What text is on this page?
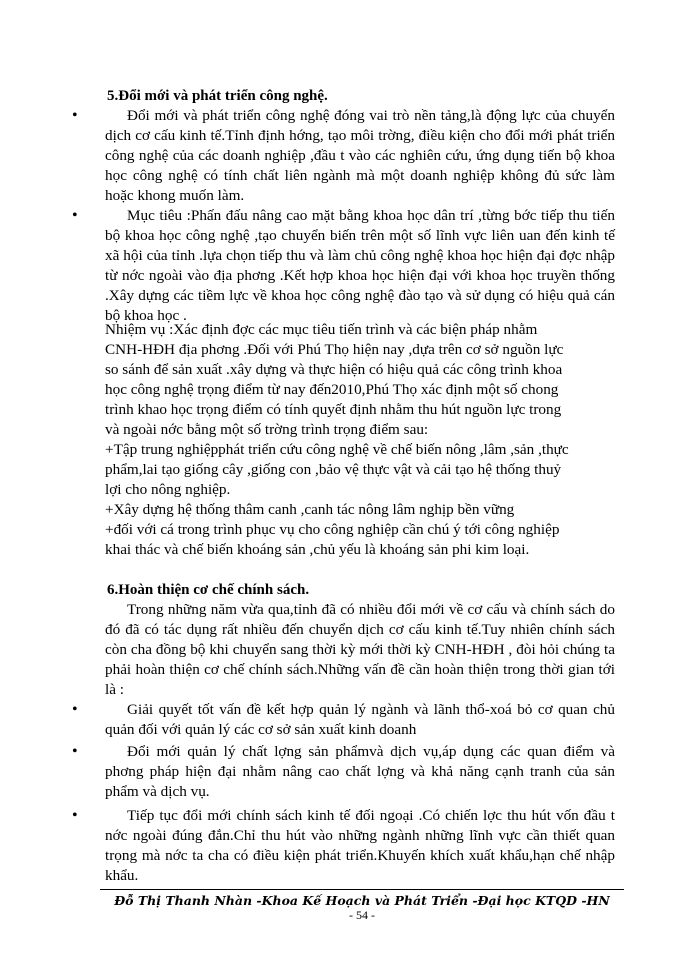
5.Đổi mới và phát triển công nghệ.
•	Đổi mới và phát triển công nghệ đóng vai trò nền tảng,là động lực của chuyển dịch cơ cấu kinh tế.Tỉnh định hớng, tạo môi trờng, điều kiện cho đổi mới phát triển công nghệ của các doanh nghiệp ,đầu t vào các nghiên cứu, ứng dụng tiến bộ khoa học công nghệ có tính chất liên ngành mà một doanh nghiệp không đủ sức làm hoặc khong muốn làm.
•	Mục tiêu :Phấn đấu nâng cao mặt bằng khoa học dân trí ,từng bớc tiếp thu tiến bộ khoa học công nghệ ,tạo chuyển biến trên một số lĩnh vực liên uan đến kinh tế xã hội của tỉnh .lựa chọn tiếp thu và làm chủ công nghệ khoa học hiện đại đợc nhập từ nớc ngoài vào địa phơng .Kết hợp khoa học hiện đại với khoa học truyền thống .Xây dựng các tiềm lực về khoa học công nghệ đào tạo và sử dụng có hiệu quả cán bộ khoa học .
Nhiệm vụ :Xác định đợc các mục tiêu tiến trình và các biện pháp nhằm
CNH-HĐH địa phơng .Đối với Phú Thọ hiện nay ,dựa trên cơ sở nguồn lực
so sánh để sản xuất .xây dựng và thực hiện có hiệu quả các công trình khoa
học công nghệ trọng điểm từ nay đến2010,Phú Thọ xác định một số chong
trình khao học trọng điểm có tính quyết định nhằm thu hút nguồn lực trong
và ngoài nớc bằng một số trờng trình trọng điểm sau:
+Tập trung nghiệpphát triển cứu công nghệ về chế biến nông ,lâm ,sản ,thực
phẩm,lai tạo giống cây ,giống con ,bảo vệ thực vật và cải tạo hệ thống thuỷ
lợi cho nông nghiệp.
+Xây dựng hệ thống thâm canh ,canh tác nông lâm nghịp bền vững
+đối với cá trong trình phục vụ cho công nghiệp cần chú ý tới công nghiệp
khai thác và chế biến khoáng sản ,chủ yếu là khoáng sản phi kim loại.
6.Hoàn thiện cơ chế chính sách.
Trong những năm vừa qua,tỉnh đã có nhiều đổi mới về cơ cấu và chính sách do đó đã có tác dụng rất nhiều đến chuyển dịch cơ cấu kinh tế.Tuy nhiên chính sách còn cha đồng bộ khi chuyển sang thời kỳ mới thời kỳ CNH-HĐH , đòi hỏi chúng ta phải hoàn thiện cơ chế chính sách.Những vấn đề cần hoàn thiện trong thời gian tới là :
•	Giải quyết tốt vấn đề kết hợp quản lý ngành và lãnh thổ-xoá bỏ cơ quan chủ quản đối với quản lý các cơ sở sản xuất kinh doanh
•	Đổi mới quản lý chất lợng sản phẩmvà dịch vụ,áp dụng các quan điểm và phơng pháp hiện đại nhằm nâng cao chất lợng và khả năng cạnh tranh của sản phẩm và dịch vụ.
•	Tiếp tục đổi mới chính sách kinh tế đối ngoại .Có chiến lợc thu hút vốn đầu t nớc ngoài đúng đắn.Chỉ thu hút vào những ngành những lĩnh vực cần thiết quan trọng mà nớc ta cha có điều kiện phát triển.Khuyến khích xuất khẩu,hạn chế nhập khẩu.
Đỗ Thị Thanh Nhàn -Khoa Kế Hoạch và Phát Triển -Đại học KTQD -HN
- 54 -
